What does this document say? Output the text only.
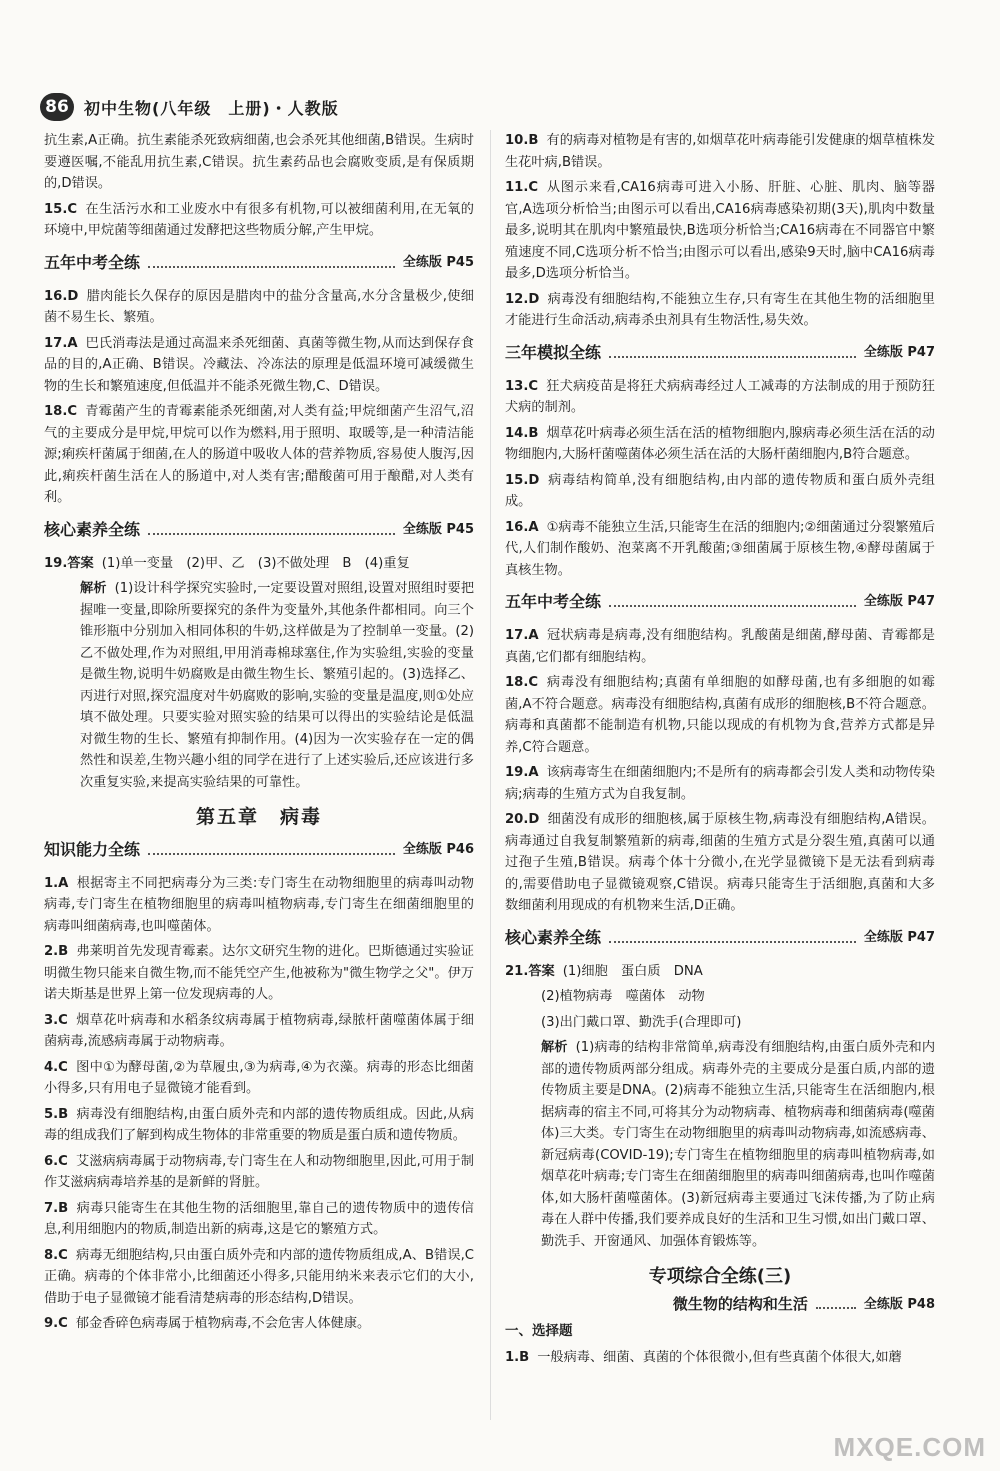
86 初中生物(八年级　上册)・人教版
抗生素,A正确。抗生素能杀死致病细菌,也会杀死其他细菌,B错误。生病时要遵医嘱,不能乱用抗生素,C错误。抗生素药品也会腐败变质,是有保质期的,D错误。
15.C 在生活污水和工业废水中有很多有机物,可以被细菌利用,在无氧的环境中,甲烷菌等细菌通过发酵把这些物质分解,产生甲烷。
五年中考全练	全练版 P45
16.D 腊肉能长久保存的原因是腊肉中的盐分含量高,水分含量极少,使细菌不易生长、繁殖。
17.A 巴氏消毒法是通过高温来杀死细菌、真菌等微生物,从而达到保存食品的目的,A正确、B错误。冷藏法、冷冻法的原理是低温环境可减缓微生物的生长和繁殖速度,但低温并不能杀死微生物,C、D错误。
18.C 青霉菌产生的青霉素能杀死细菌,对人类有益;甲烷细菌产生沼气,沼气的主要成分是甲烷,甲烷可以作为燃料,用于照明、取暖等,是一种清洁能源;痢疾杆菌属于细菌,在人的肠道中吸收人体的营养物质,容易使人腹泻,因此,痢疾杆菌生活在人的肠道中,对人类有害;醋酸菌可用于酿醋,对人类有利。
核心素养全练	全练版 P45
19.答案 (1)单一变量　(2)甲、乙　(3)不做处理　B　(4)重复
解析 (1)设计科学探究实验时,一定要设置对照组,设置对照组时要把握唯一变量,即除所要探究的条件为变量外,其他条件都相同。向三个锥形瓶中分别加入相同体积的牛奶,这样做是为了控制单一变量。(2)乙不做处理,作为对照组,甲用消毒棉球塞住,作为实验组,实验的变量是微生物,说明牛奶腐败是由微生物生长、繁殖引起的。(3)选择乙、丙进行对照,探究温度对牛奶腐败的影响,实验的变量是温度,则①处应填不做处理。只要实验对照实验的结果可以得出的实验结论是低温对微生物的生长、繁殖有抑制作用。(4)因为一次实验存在一定的偶然性和误差,生物兴趣小组的同学在进行了上述实验后,还应该进行多次重复实验,来提高实验结果的可靠性。
第五章　病毒
知识能力全练	全练版 P46
1.A 根据寄主不同把病毒分为三类:专门寄生在动物细胞里的病毒叫动物病毒,专门寄生在植物细胞里的病毒叫植物病毒,专门寄生在细菌细胞里的病毒叫细菌病毒,也叫噬菌体。
2.B 弗莱明首先发现青霉素。达尔文研究生物的进化。巴斯德通过实验证明微生物只能来自微生物,而不能凭空产生,他被称为"微生物学之父"。伊万诺夫斯基是世界上第一位发现病毒的人。
3.C 烟草花叶病毒和水稻条纹病毒属于植物病毒,绿脓杆菌噬菌体属于细菌病毒,流感病毒属于动物病毒。
4.C 图中①为酵母菌,②为草履虫,③为病毒,④为衣藻。病毒的形态比细菌小得多,只有用电子显微镜才能看到。
5.B 病毒没有细胞结构,由蛋白质外壳和内部的遗传物质组成。因此,从病毒的组成我们了解到构成生物体的非常重要的物质是蛋白质和遗传物质。
6.C 艾滋病病毒属于动物病毒,专门寄生在人和动物细胞里,因此,可用于制作艾滋病病毒培养基的是新鲜的肾脏。
7.B 病毒只能寄生在其他生物的活细胞里,靠自己的遗传物质中的遗传信息,利用细胞内的物质,制造出新的病毒,这是它的繁殖方式。
8.C 病毒无细胞结构,只由蛋白质外壳和内部的遗传物质组成,A、B错误,C正确。病毒的个体非常小,比细菌还小得多,只能用纳米来表示它们的大小,借助于电子显微镜才能看清楚病毒的形态结构,D错误。
9.C 郁金香碎色病毒属于植物病毒,不会危害人体健康。
10.B 有的病毒对植物是有害的,如烟草花叶病毒能引发健康的烟草植株发生花叶病,B错误。
11.C 从图示来看,CA16病毒可进入小肠、肝脏、心脏、肌肉、脑等器官,A选项分析恰当;由图示可以看出,CA16病毒感染初期(3天),肌肉中数量最多,说明其在肌肉中繁殖最快,B选项分析恰当;CA16病毒在不同器官中繁殖速度不同,C选项分析不恰当;由图示可以看出,感染9天时,脑中CA16病毒最多,D选项分析恰当。
12.D 病毒没有细胞结构,不能独立生存,只有寄生在其他生物的活细胞里才能进行生命活动,病毒杀虫剂具有生物活性,易失效。
三年模拟全练	全练版 P47
13.C 狂犬病疫苗是将狂犬病病毒经过人工减毒的方法制成的用于预防狂犬病的制剂。
14.B 烟草花叶病毒必须生活在活的植物细胞内,腺病毒必须生活在活的动物细胞内,大肠杆菌噬菌体必须生活在活的大肠杆菌细胞内,B符合题意。
15.D 病毒结构简单,没有细胞结构,由内部的遗传物质和蛋白质外壳组成。
16.A ①病毒不能独立生活,只能寄生在活的细胞内;②细菌通过分裂繁殖后代,人们制作酸奶、泡菜离不开乳酸菌;③细菌属于原核生物,④酵母菌属于真核生物。
五年中考全练	全练版 P47
17.A 冠状病毒是病毒,没有细胞结构。乳酸菌是细菌,酵母菌、青霉都是真菌,它们都有细胞结构。
18.C 病毒没有细胞结构;真菌有单细胞的如酵母菌,也有多细胞的如霉菌,A不符合题意。病毒没有细胞结构,真菌有成形的细胞核,B不符合题意。病毒和真菌都不能制造有机物,只能以现成的有机物为食,营养方式都是异养,C符合题意。
19.A 该病毒寄生在细菌细胞内;不是所有的病毒都会引发人类和动物传染病;病毒的生殖方式为自我复制。
20.D 细菌没有成形的细胞核,属于原核生物,病毒没有细胞结构,A错误。病毒通过自我复制繁殖新的病毒,细菌的生殖方式是分裂生殖,真菌可以通过孢子生殖,B错误。病毒个体十分微小,在光学显微镜下是无法看到病毒的,需要借助电子显微镜观察,C错误。病毒只能寄生于活细胞,真菌和大多数细菌利用现成的有机物来生活,D正确。
核心素养全练	全练版 P47
21.答案 (1)细胞　蛋白质　DNA
(2)植物病毒　噬菌体　动物
(3)出门戴口罩、勤洗手(合理即可)
解析 (1)病毒的结构非常简单,病毒没有细胞结构,由蛋白质外壳和内部的遗传物质两部分组成。病毒外壳的主要成分是蛋白质,内部的遗传物质主要是DNA。(2)病毒不能独立生活,只能寄生在活细胞内,根据病毒的宿主不同,可将其分为动物病毒、植物病毒和细菌病毒(噬菌体)三大类。专门寄生在动物细胞里的病毒叫动物病毒,如流感病毒、新冠病毒(COVID-19);专门寄生在植物细胞里的病毒叫植物病毒,如烟草花叶病毒;专门寄生在细菌细胞里的病毒叫细菌病毒,也叫作噬菌体,如大肠杆菌噬菌体。(3)新冠病毒主要通过飞沫传播,为了防止病毒在人群中传播,我们要养成良好的生活和卫生习惯,如出门戴口罩、勤洗手、开窗通风、加强体育锻炼等。
专项综合全练(三)
微生物的结构和生活	全练版 P48
一、选择题
1.B 一般病毒、细菌、真菌的个体很微小,但有些真菌个体很大,如蘑
MXQE.COM
